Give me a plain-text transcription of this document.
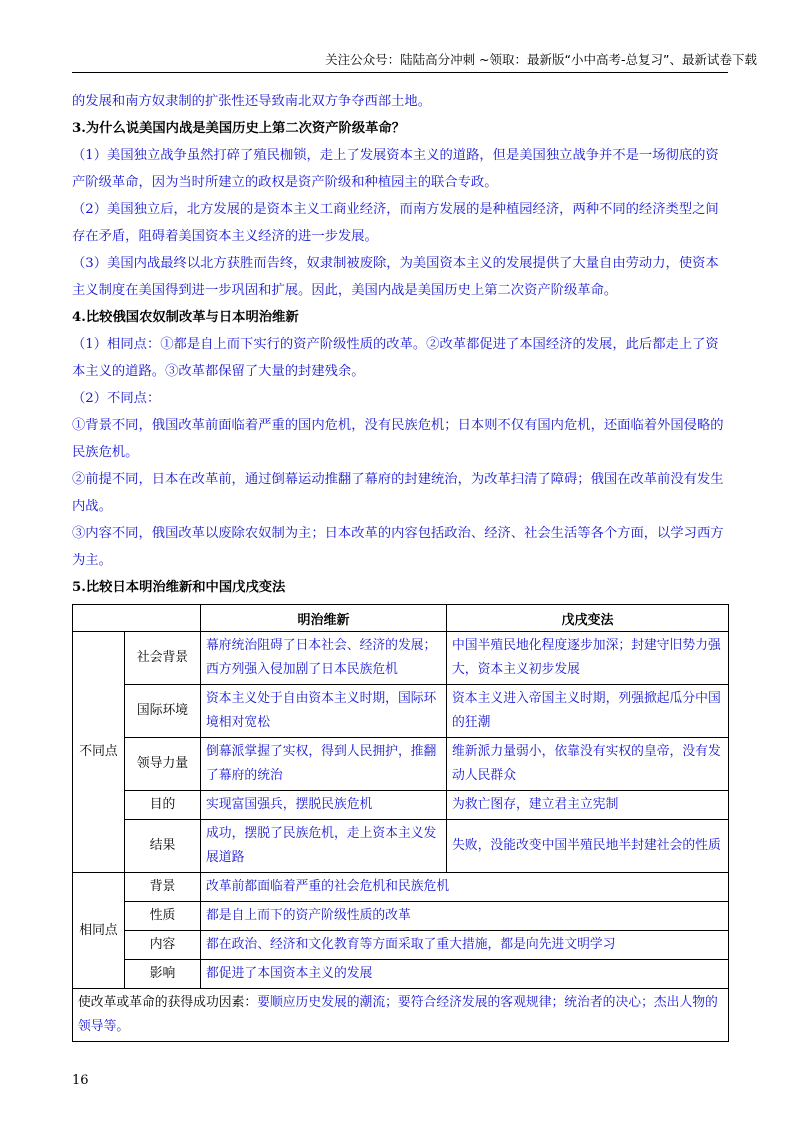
关注公众号：陆陆高分冲刺 ~领取：最新版“小中高考-总复习”、最新试卷下载

的发展和南方奴隶制的扩张性还导致南北双方争夺西部土地。

3.为什么说美国内战是美国历史上第二次资产阶级革命？

（1）美国独立战争虽然打碎了殖民枷锁，走上了发展资本主义的道路，但是美国独立战争并不是一场彻底的资产阶级革命，因为当时所建立的政权是资产阶级和种植园主的联合专政。

（2）美国独立后，北方发展的是资本主义工商业经济，而南方发展的是种植园经济，两种不同的经济类型之间存在矛盾，阻碍着美国资本主义经济的进一步发展。

（3）美国内战最终以北方获胜而告终，奴隶制被废除，为美国资本主义的发展提供了大量自由劳动力，使资本主义制度在美国得到进一步巩固和扩展。因此，美国内战是美国历史上第二次资产阶级革命。

4.比较俄国农奴制改革与日本明治维新

（1）相同点：①都是自上而下实行的资产阶级性质的改革。②改革都促进了本国经济的发展，此后都走上了资本主义的道路。③改革都保留了大量的封建残余。

（2）不同点：

①背景不同，俄国改革前面临着严重的国内危机，没有民族危机；日本则不仅有国内危机，还面临着外国侵略的民族危机。

②前提不同，日本在改革前，通过倒幕运动推翻了幕府的封建统治，为改革扫清了障碍；俄国在改革前没有发生内战。

③内容不同，俄国改革以废除农奴制为主；日本改革的内容包括政治、经济、社会生活等各个方面，以学习西方为主。

5.比较日本明治维新和中国戊戌变法

		明治维新	戊戌变法
不同点	社会背景	幕府统治阻碍了日本社会、经济的发展；西方列强入侵加剧了日本民族危机	中国半殖民地化程度逐步加深；封建守旧势力强大，资本主义初步发展
	国际环境	资本主义处于自由资本主义时期，国际环境相对宽松	资本主义进入帝国主义时期，列强掀起瓜分中国的狂潮
	领导力量	倒幕派掌握了实权，得到人民拥护，推翻了幕府的统治	维新派力量弱小，依靠没有实权的皇帝，没有发动人民群众
	目的	实现富国强兵，摆脱民族危机	为救亡图存，建立君主立宪制
	结果	成功，摆脱了民族危机，走上资本主义发展道路	失败，没能改变中国半殖民地半封建社会的性质
相同点	背景	改革前都面临着严重的社会危机和民族危机	
	性质	都是自上而下的资产阶级性质的改革	
	内容	都在政治、经济和文化教育等方面采取了重大措施，都是向先进文明学习	
	影响	都促进了本国资本主义的发展	
使改革或革命的获得成功因素：要顺应历史发展的潮流；要符合经济发展的客观规律；统治者的决心；杰出人物的领导等。			
16
